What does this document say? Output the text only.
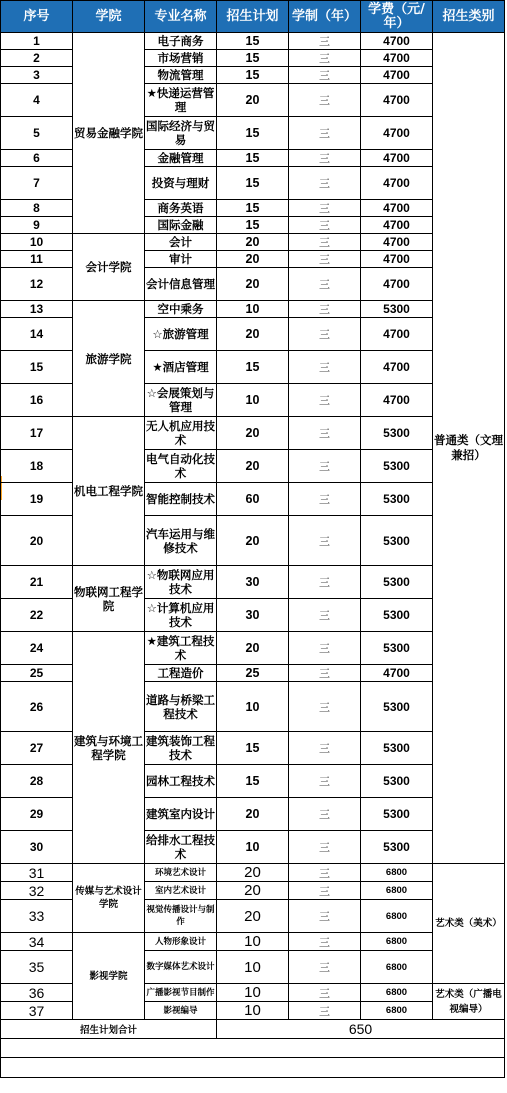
序号	学院	专业名称	招生计划	学制（年）	学费（元/年）	招生类别
1	贸易金融学院	电子商务	15	三	4700	普通类（文理兼招）
2		市场营销	15	三	4700	
3		物流管理	15	三	4700	
4		★快递运营管理	20	三	4700	
5		国际经济与贸易	15	三	4700	
6		金融管理	15	三	4700	
7		投资与理财	15	三	4700	
8		商务英语	15	三	4700	
9		国际金融	15	三	4700	
10	会计学院	会计	20	三	4700	
11		审计	20	三	4700	
12		会计信息管理	20	三	4700	
13	旅游学院	空中乘务	10	三	5300	
14		☆旅游管理	20	三	4700	
15		★酒店管理	15	三	4700	
16		☆会展策划与管理	10	三	4700	
17	机电工程学院	无人机应用技术	20	三	5300	
18		电气自动化技术	20	三	5300	
19		智能控制技术	60	三	5300	
20		汽车运用与维修技术	20	三	5300	
21	物联网工程学院	☆物联网应用技术	30	三	5300	
22		☆计算机应用技术	30	三	5300	
24	建筑与环境工程学院	★建筑工程技术	20	三	5300	
25		工程造价	25	三	4700	
26		道路与桥梁工程技术	10	三	5300	
27		建筑装饰工程技术	15	三	5300	
28		园林工程技术	15	三	5300	
29		建筑室内设计	20	三	5300	
30		给排水工程技术	10	三	5300	
31	传媒与艺术设计学院	环境艺术设计	20	三	6800	艺术类（美术）
32		室内艺术设计	20	三	6800	
33		视觉传播设计与制作	20	三	6800	
34	影视学院	人物形象设计	10	三	6800	
35		数字媒体艺术设计	10	三	6800	
36		广播影视节目制作	10	三	6800	艺术类（广播电视编导）
37		影视编导	10	三	6800	
招生计划合计			650			
